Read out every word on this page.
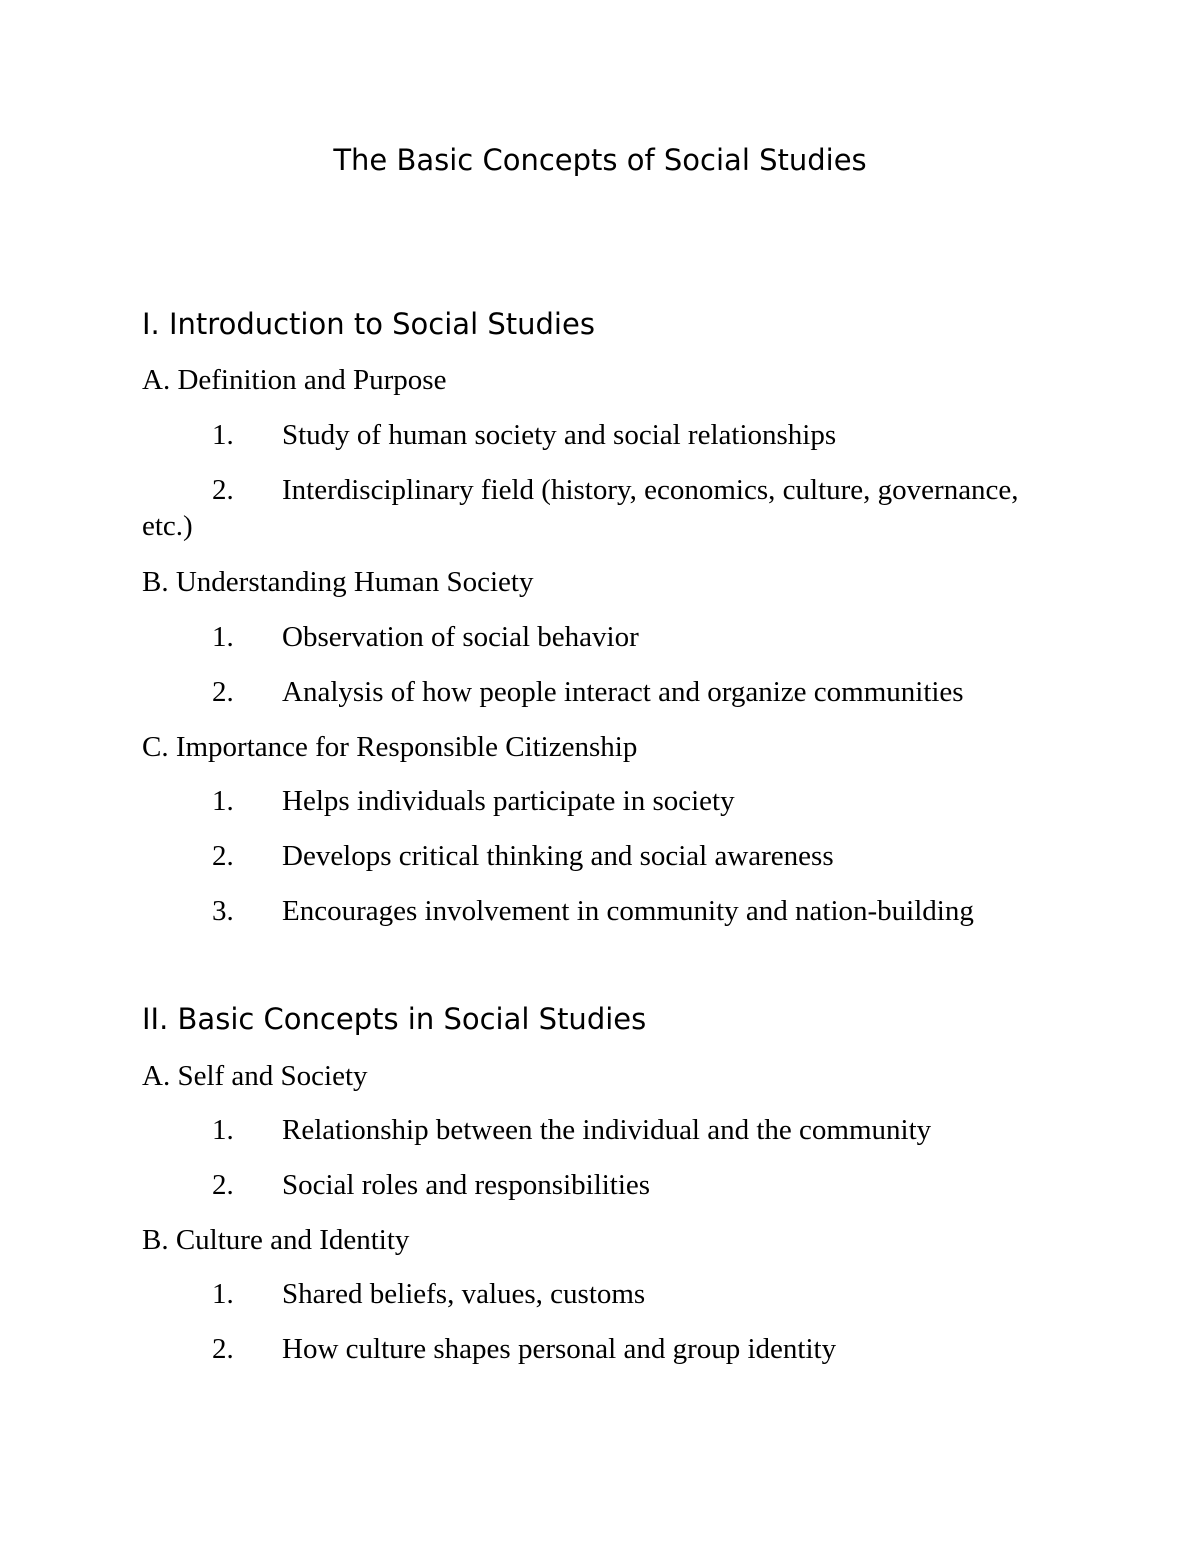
The Basic Concepts of Social Studies
I. Introduction to Social Studies
A. Definition and Purpose
1.	Study of human society and social relationships
2.	Interdisciplinary field (history, economics, culture, governance, etc.)
B. Understanding Human Society
1.	Observation of social behavior
2.	Analysis of how people interact and organize communities
C. Importance for Responsible Citizenship
1.	Helps individuals participate in society
2.	Develops critical thinking and social awareness
3.	Encourages involvement in community and nation-building
II. Basic Concepts in Social Studies
A. Self and Society
1.	Relationship between the individual and the community
2.	Social roles and responsibilities
B. Culture and Identity
1.	Shared beliefs, values, customs
2.	How culture shapes personal and group identity
